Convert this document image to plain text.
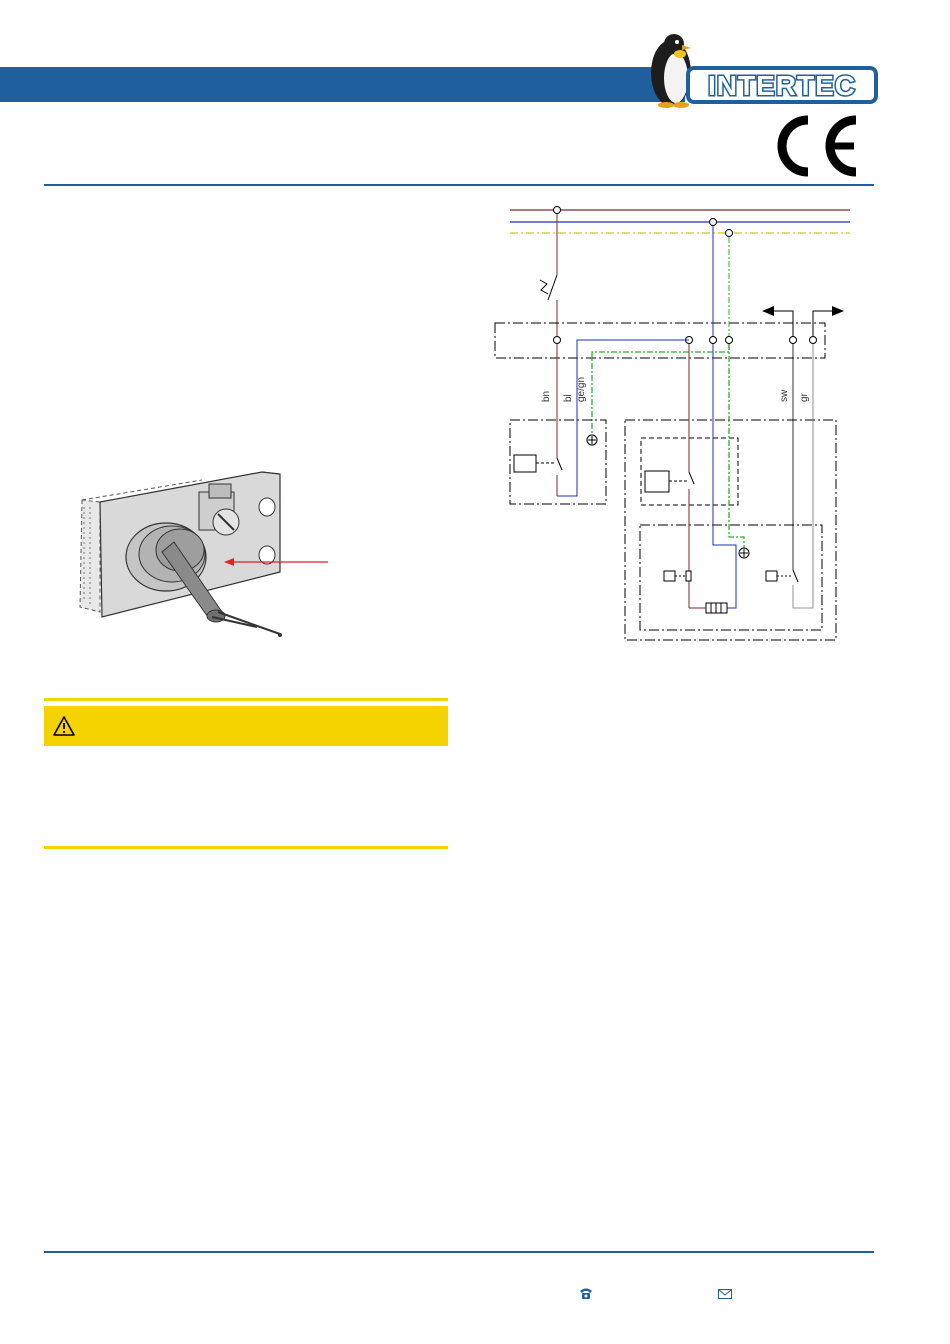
INTERTEC
bn bl ge/gn	sw gr
